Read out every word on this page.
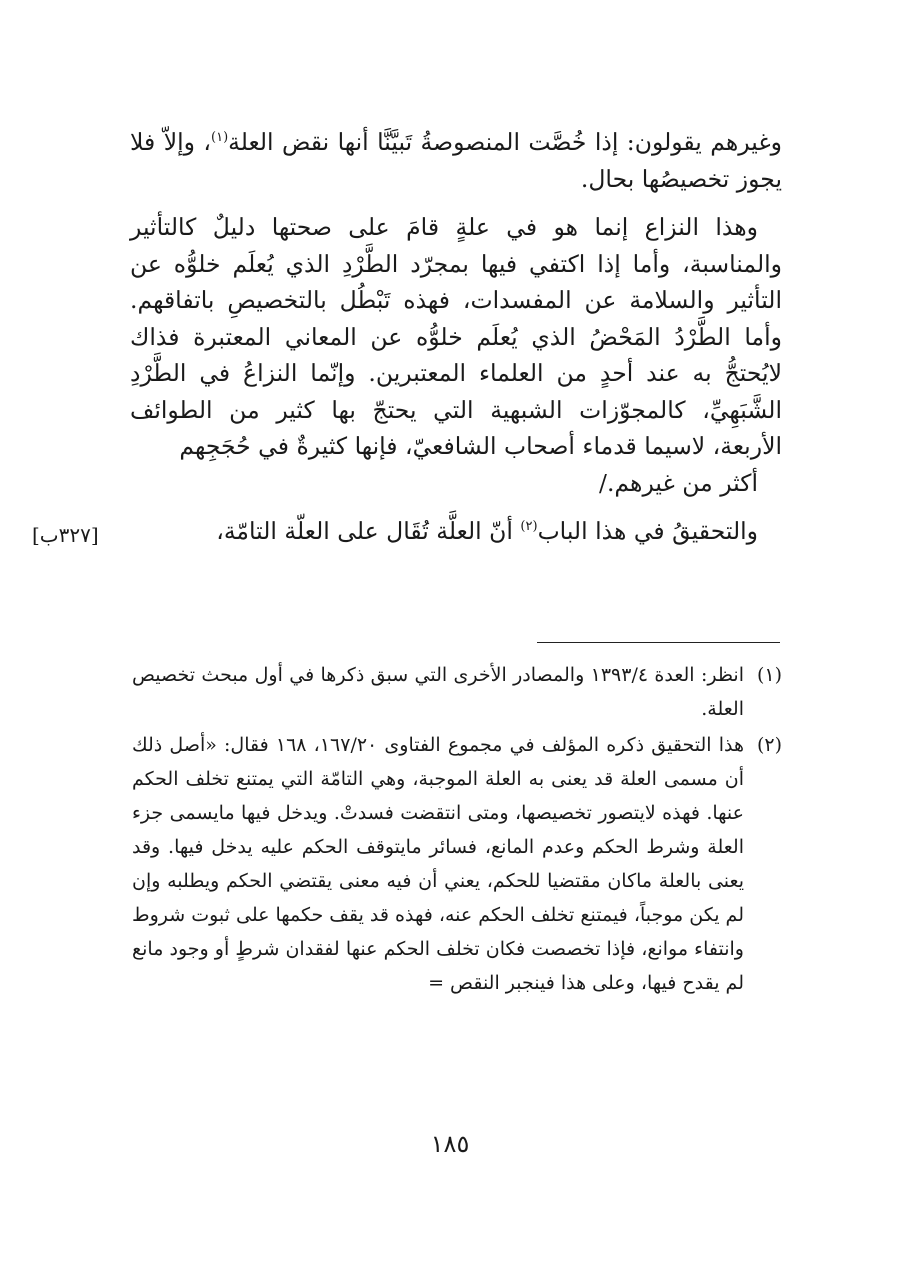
وغيرهم يقولون: إذا خُصَّت المنصوصةُ تَبيَّنَّا أنها نقض العلة$^{(١)}$، وإلاّ فلا يجوز تخصيصُها بحال.

وهذا النزاع إنما هو في علةٍ قامَ على صحتها دليلٌ كالتأثير والمناسبة، وأما إذا اكتفي فيها بمجرّد الطَّرْدِ الذي يُعلَم خلوُّه عن التأثير والسلامة عن المفسدات، فهذه تَبْطُل بالتخصيصِ باتفاقهم. وأما الطَّرْدُ المَحْضُ الذي يُعلَم خلوُّه عن المعاني المعتبرة فذاك لايُحتجُّ به عند أحدٍ من العلماء المعتبرين. وإنّما النزاعُ في الطَّرْدِ الشَّبَهِيِّ، كالمجوّزات الشبهية التي يحتجّ بها كثير من الطوائف الأربعة، لاسيما قدماء أصحاب الشافعيّ، فإنها كثيرةٌ في حُجَجِهم
أكثر من غيرهم./

والتحقيقُ في هذا الباب$^{(٢)}$ أنّ العلَّة تُقَال على العلّة التامّة،

[٣٢٧ب]
(١)
انظر: العدة ١٣٩٣/٤ والمصادر الأخرى التي سبق ذكرها في أول مبحث تخصيص العلة.
(٢)
هذا التحقيق ذكره المؤلف في مجموع الفتاوى ١٦٧/٢٠، ١٦٨ فقال: «أصل ذلك أن مسمى العلة قد يعنى به العلة الموجبة، وهي التامّة التي يمتنع تخلف الحكم عنها. فهذه لايتصور تخصيصها، ومتى انتقضت فسدتْ. ويدخل فيها مايسمى جزء العلة وشرط الحكم وعدم المانع، فسائر مايتوقف الحكم عليه يدخل فيها. وقد يعنى بالعلة ماكان مقتضيا للحكم، يعني أن فيه معنى يقتضي الحكم ويطلبه وإن لم يكن موجباً، فيمتنع تخلف الحكم عنه، فهذه قد يقف حكمها على ثبوت شروط وانتفاء موانع، فإذا تخصصت فكان تخلف الحكم عنها لفقدان شرطٍ أو وجود مانع لم يقدح فيها، وعلى هذا فينجبر النقص =
١٨٥
